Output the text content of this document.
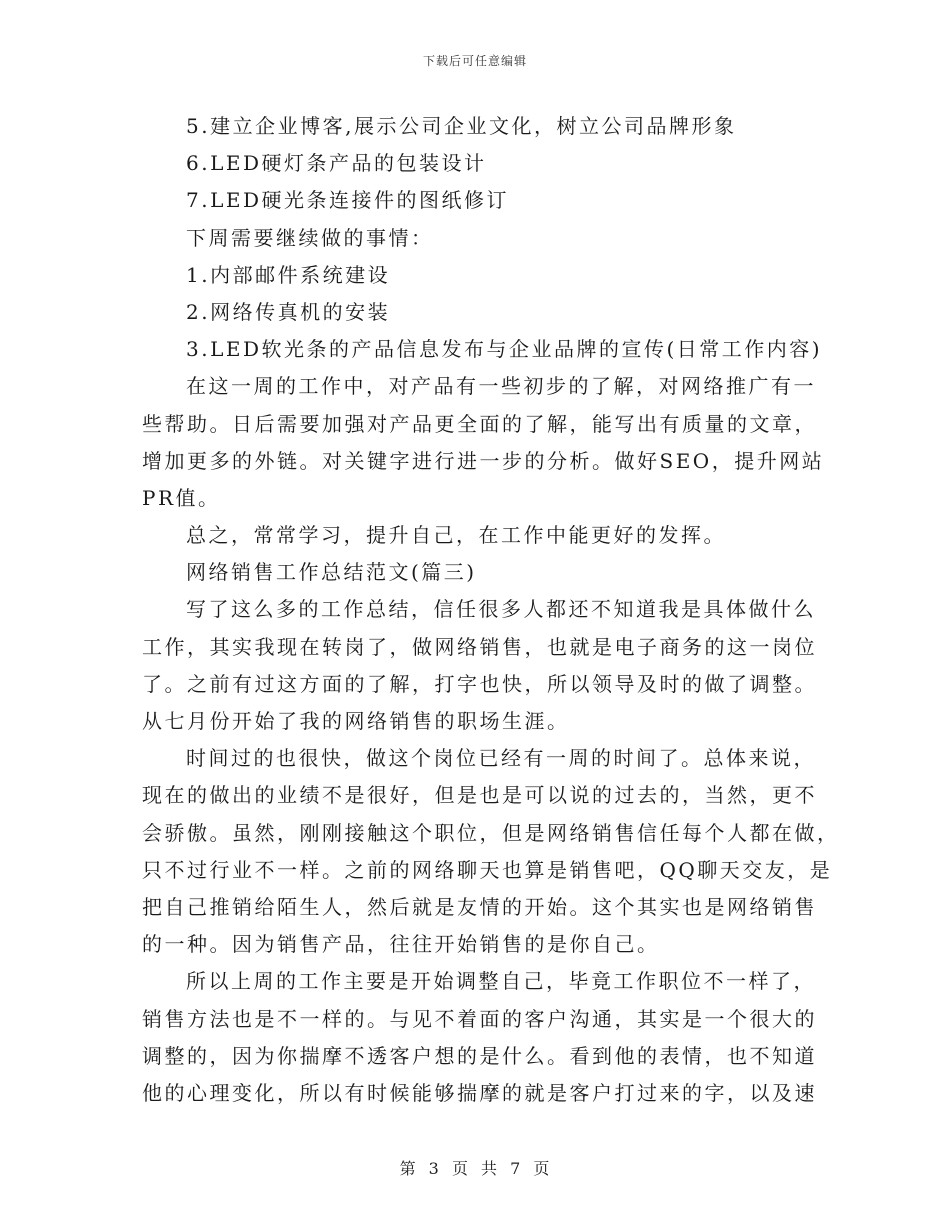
下载后可任意编辑
5.建立企业博客,展示公司企业文化，树立公司品牌形象
6.LED硬灯条产品的包装设计
7.LED硬光条连接件的图纸修订
下周需要继续做的事情：
1.内部邮件系统建设
2.网络传真机的安装
3.LED软光条的产品信息发布与企业品牌的宣传(日常工作内容)
在这一周的工作中，对产品有一些初步的了解，对网络推广有一
些帮助。日后需要加强对产品更全面的了解，能写出有质量的文章，
增加更多的外链。对关键字进行进一步的分析。做好SEO，提升网站
PR值。
总之，常常学习，提升自己，在工作中能更好的发挥。
网络销售工作总结范文(篇三)
写了这么多的工作总结，信任很多人都还不知道我是具体做什么
工作，其实我现在转岗了，做网络销售，也就是电子商务的这一岗位
了。之前有过这方面的了解，打字也快，所以领导及时的做了调整。
从七月份开始了我的网络销售的职场生涯。
时间过的也很快，做这个岗位已经有一周的时间了。总体来说，
现在的做出的业绩不是很好，但是也是可以说的过去的，当然，更不
会骄傲。虽然，刚刚接触这个职位，但是网络销售信任每个人都在做，
只不过行业不一样。之前的网络聊天也算是销售吧，QQ聊天交友，是
把自己推销给陌生人，然后就是友情的开始。这个其实也是网络销售
的一种。因为销售产品，往往开始销售的是你自己。
所以上周的工作主要是开始调整自己，毕竟工作职位不一样了，
销售方法也是不一样的。与见不着面的客户沟通，其实是一个很大的
调整的，因为你揣摩不透客户想的是什么。看到他的表情，也不知道
他的心理变化，所以有时候能够揣摩的就是客户打过来的字，以及速
第 3 页 共 7 页
